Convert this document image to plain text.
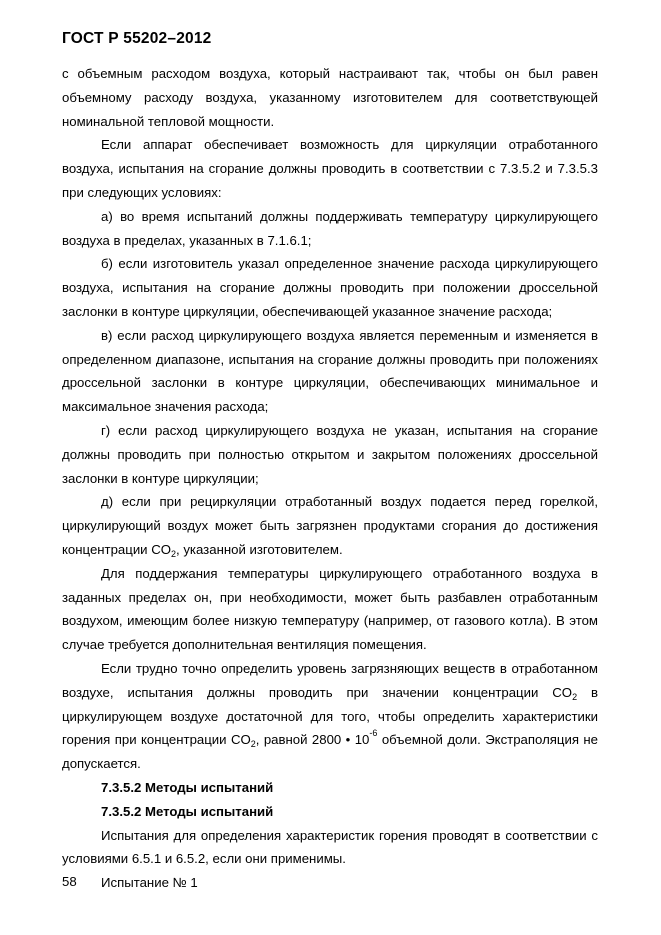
ГОСТ Р 55202–2012

с объемным расходом воздуха, который настраивают так, чтобы он был равен объемному расходу воздуха, указанному изготовителем для соответствующей номинальной тепловой мощности.

Если аппарат обеспечивает возможность для циркуляции отработанного воздуха, испытания на сгорание должны проводить в соответствии с 7.3.5.2 и 7.3.5.3 при следующих условиях:

а) во время испытаний должны поддерживать температуру циркулирующего воздуха в пределах, указанных в 7.1.6.1;

б) если изготовитель указал определенное значение расхода циркулирующего воздуха, испытания на сгорание должны проводить при положении дроссельной заслонки в контуре циркуляции, обеспечивающей указанное значение расхода;

в) если расход циркулирующего воздуха является переменным и изменяется в определенном диапазоне, испытания на сгорание должны проводить при положениях дроссельной заслонки в контуре циркуляции, обеспечивающих минимальное и максимальное значения расхода;

г) если расход циркулирующего воздуха не указан, испытания на сгорание должны проводить при полностью открытом и закрытом положениях дроссельной заслонки в контуре циркуляции;

д) если при рециркуляции отработанный воздух подается перед горелкой, циркулирующий воздух может быть загрязнен продуктами сгорания до достижения концентрации $CO_2$, указанной изготовителем.

Для поддержания температуры циркулирующего отработанного воздуха в заданных пределах он, при необходимости, может быть разбавлен отработанным воздухом, имеющим более низкую температуру (например, от газового котла). В этом случае требуется дополнительная вентиляция помещения.

Если трудно точно определить уровень загрязняющих веществ в отработанном воздухе, испытания должны проводить при значении концентрации $CO_2$ в циркулирующем воздухе достаточной для того, чтобы определить характеристики горения при концентрации $CO_2$, равной 2800 • $10^{-6}$ объемной доли. Экстраполяция не допускается.

7.3.5.2 Методы испытаний

7.3.5.2 Методы испытаний

Испытания для определения характеристик горения проводят в соответствии с условиями 6.5.1 и 6.5.2, если они применимы.

Испытание № 1

58
